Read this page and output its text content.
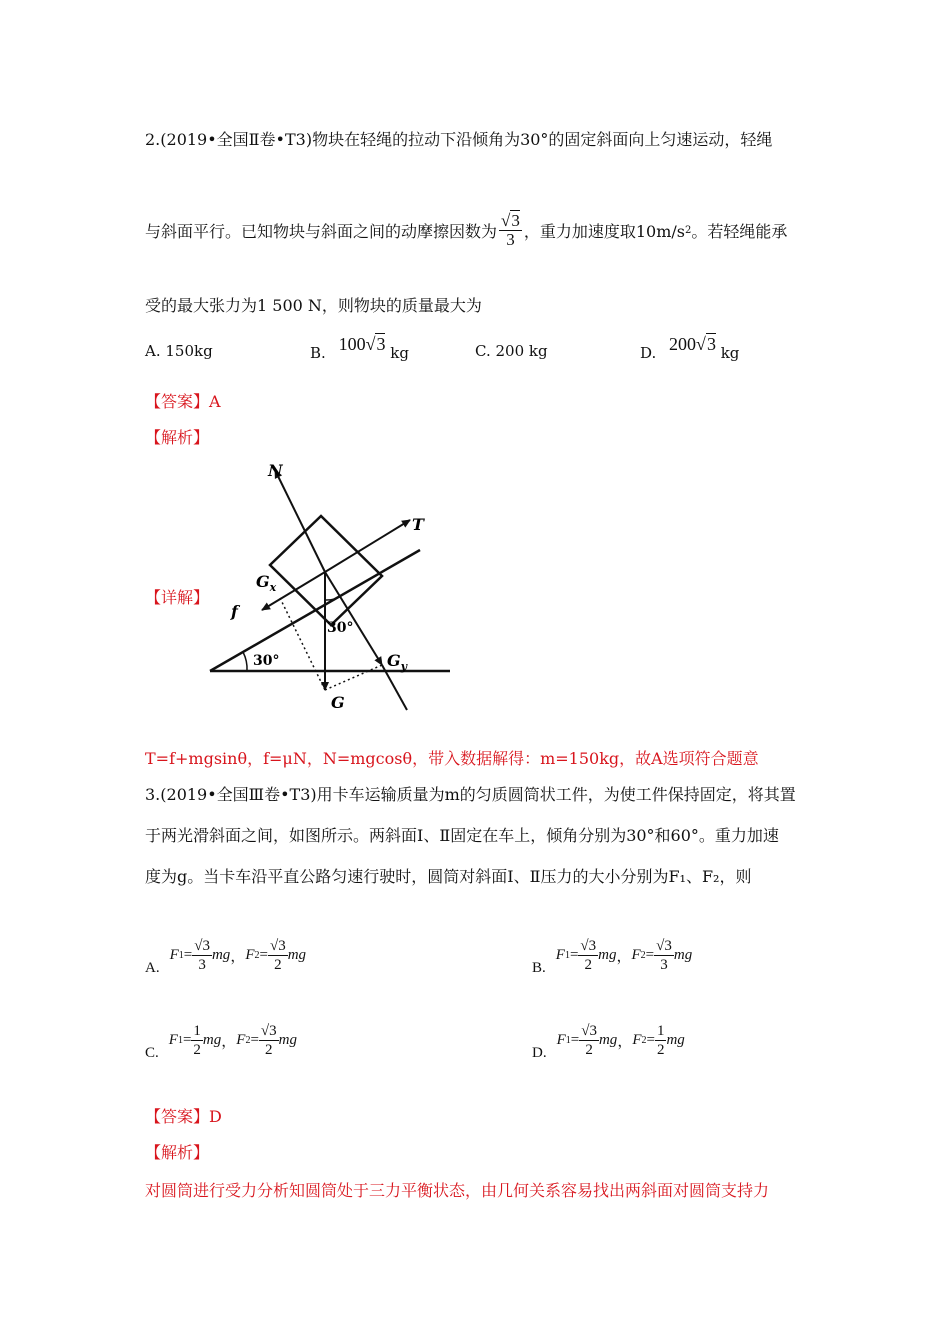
2.(2019•全国Ⅱ卷•T3)物块在轻绳的拉动下沿倾角为30°的固定斜面向上匀速运动，轻绳
与斜面平行。已知物块与斜面之间的动摩擦因数为 $\frac{√3}{3}$ ，重力加速度取10m/s 2 。若轻绳能承
受的最大张力为1 500 N，则物块的质量最大为
A. 150kg	B. 100√3 kg	C. 200 kg	D. 200√3 kg
【答案】A
【解析】
【详解】
N
T
$G_x$
f
30°
30°
G
$G_y$
T=f+mgsinθ，f=μN，N=mgcosθ，带入数据解得：m=150kg，故A选项符合题意
3.(2019•全国Ⅲ卷•T3)用卡车运输质量为m的匀质圆筒状工件，为使工件保持固定，将其置
于两光滑斜面之间，如图所示。两斜面Ⅰ、Ⅱ固定在车上，倾角分别为30°和60°。重力加速
度为g。当卡车沿平直公路匀速行驶时，圆筒对斜面Ⅰ、Ⅱ压力的大小分别为F₁、F₂，则
A.
F $1 = \frac{√3}{3}$ mg ， F $2 = \frac{√3}{2}$ mg
B.
F $1 = \frac{√3}{2}$ mg ， F $2 = \frac{√3}{3}$ mg
C.
F $1 = \frac{1}{2}$ mg ， F $2 = \frac{√3}{2}$ mg
D.
F $1 = \frac{√3}{2}$ mg ， F $2 = \frac{1}{2}$ mg
【答案】D
【解析】
对圆筒进行受力分析知圆筒处于三力平衡状态，由几何关系容易找出两斜面对圆筒支持力
